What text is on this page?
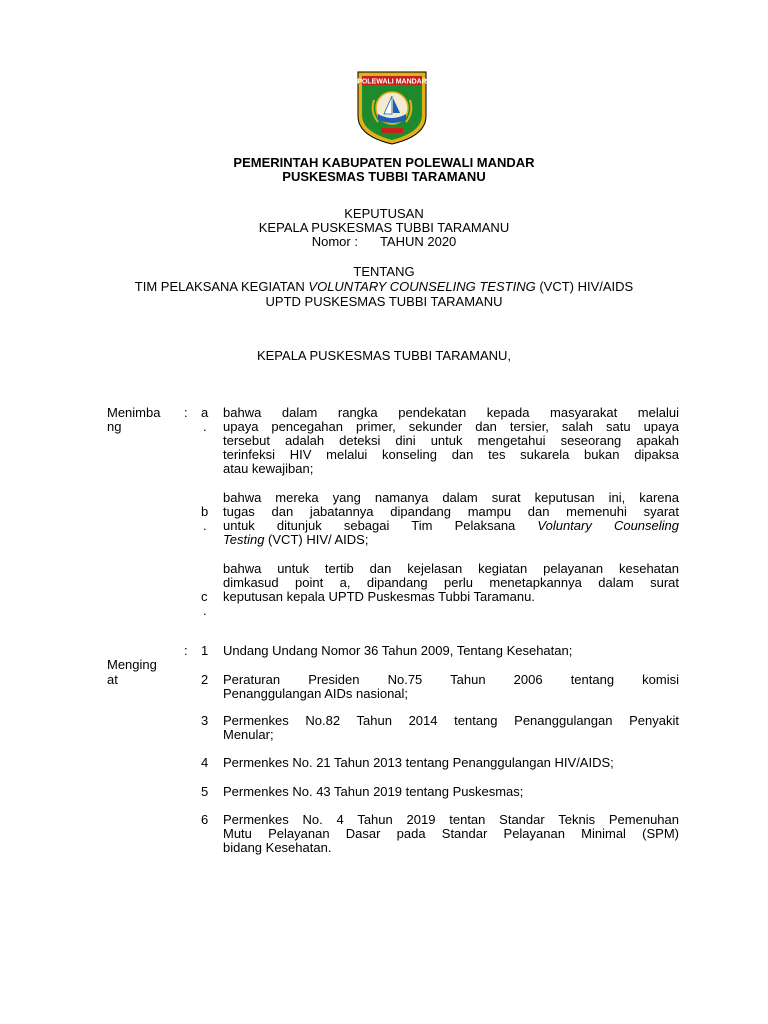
POLEWALI MANDAR
PEMERINTAH KABUPATEN POLEWALI MANDAR
PUSKESMAS TUBBI TARAMANU
KEPUTUSAN
KEPALA PUSKESMAS TUBBI TARAMANU
Nomor : TAHUN 2020
TENTANG
TIM PELAKSANA KEGIATAN VOLUNTARY COUNSELING TESTING (VCT) HIV/AIDS
UPTD PUSKESMAS TUBBI TARAMANU
KEPALA PUSKESMAS TUBBI TARAMANU,
Menimba
ng
: a
.
bahwa dalam rangka pendekatan kepada masyarakat melalui
upaya pencegahan primer, sekunder dan tersier, salah satu upaya
tersebut adalah deteksi dini untuk mengetahui seseorang apakah
terinfeksi HIV melalui konseling dan tes sukarela bukan dipaksa
atau kewajiban;
b
.
bahwa mereka yang namanya dalam surat keputusan ini, karena
tugas dan jabatannya dipandang mampu dan memenuhi syarat
untuk ditunjuk sebagai Tim Pelaksana Voluntary Counseling
Testing (VCT) HIV/ AIDS;
c
.
bahwa untuk tertib dan kejelasan kegiatan pelayanan kesehatan
dimkasud point a, dipandang perlu menetapkannya dalam surat
keputusan kepala UPTD Puskesmas Tubbi Taramanu.
Menging
at
: 1 Undang Undang Nomor 36 Tahun 2009, Tentang Kesehatan;
2 Peraturan Presiden No.75 Tahun 2006 tentang komisi
Penanggulangan AIDs nasional;
3 Permenkes No.82 Tahun 2014 tentang Penanggulangan Penyakit
Menular;
4 Permenkes No. 21 Tahun 2013 tentang Penanggulangan HIV/AIDS;
5 Permenkes No. 43 Tahun 2019 tentang Puskesmas;
6 Permenkes No. 4 Tahun 2019 tentan Standar Teknis Pemenuhan
Mutu Pelayanan Dasar pada Standar Pelayanan Minimal (SPM)
bidang Kesehatan.
